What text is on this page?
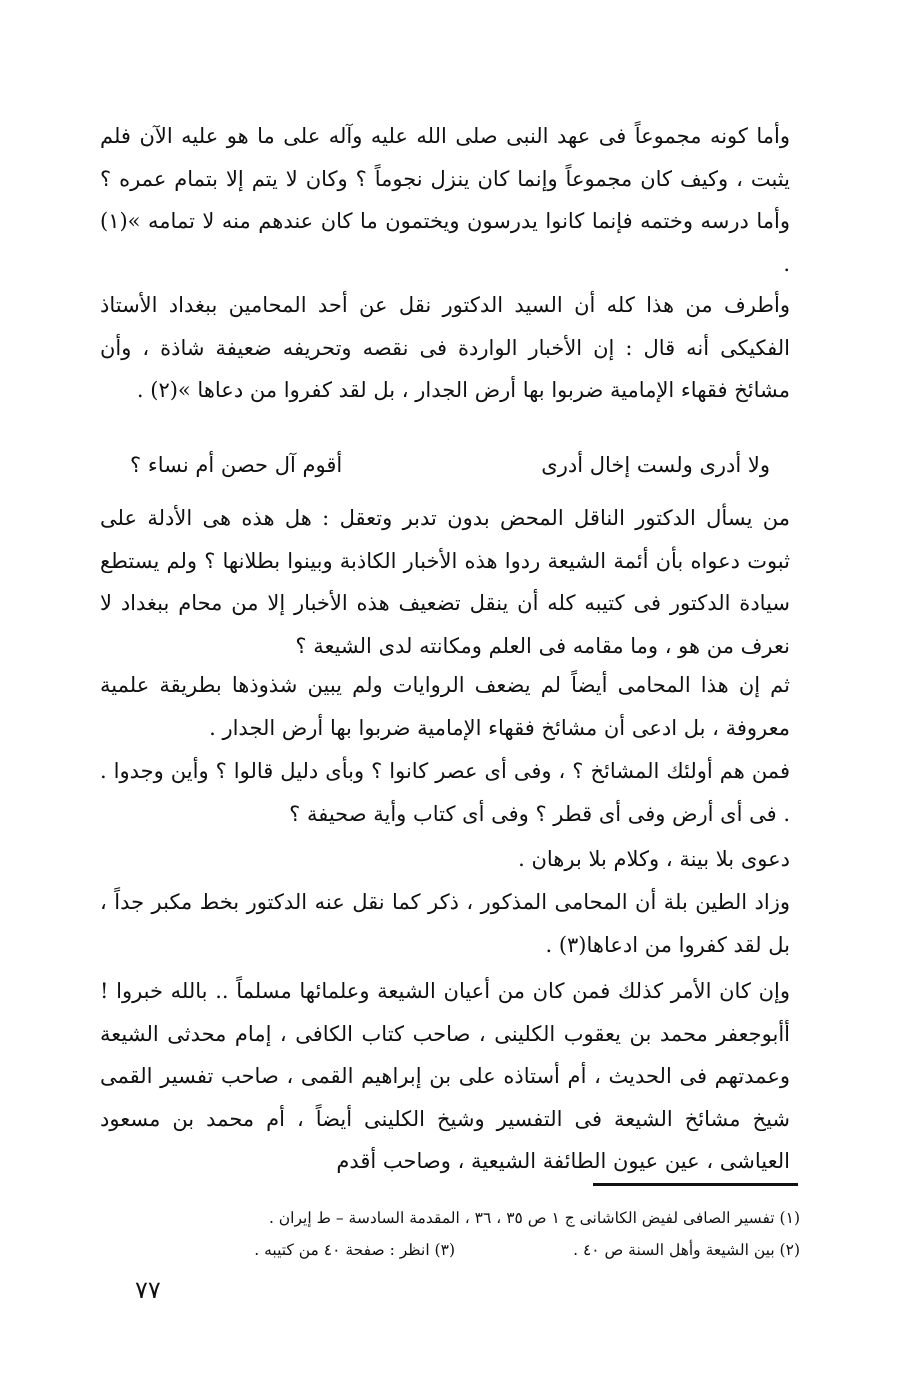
وأما كونه مجموعاً فى عهد النبى صلى الله عليه وآله على ما هو عليه الآن فلم يثبت ، وكيف كان مجموعاً وإنما كان ينزل نجوماً ؟ وكان لا يتم إلا بتمام عمره ؟ وأما درسه وختمه فإنما كانوا يدرسون ويختمون ما كان عندهم منه لا تمامه »(١) .

وأطرف من هذا كله أن السيد الدكتور نقل عن أحد المحامين ببغداد الأستاذ الفكيكى أنه قال : إن الأخبار الواردة فى نقصه وتحريفه ضعيفة شاذة ، وأن مشائخ فقهاء الإمامية ضربوا بها أرض الجدار ، بل لقد كفروا من دعاها »(٢) .

ولا أدرى ولست إخال أدرى
أقوم آل حصن أم نساء ؟

من يسأل الدكتور الناقل المحض بدون تدبر وتعقل : هل هذه هى الأدلة على ثبوت دعواه بأن أئمة الشيعة ردوا هذه الأخبار الكاذبة وبينوا بطلانها ؟ ولم يستطع سيادة الدكتور فى كتيبه كله أن ينقل تضعيف هذه الأخبار إلا من محام ببغداد لا نعرف من هو ، وما مقامه فى العلم ومكانته لدى الشيعة ؟

ثم إن هذا المحامى أيضاً لم يضعف الروايات ولم يبين شذوذها بطريقة علمية معروفة ، بل ادعى أن مشائخ فقهاء الإمامية ضربوا بها أرض الجدار .

فمن هم أولئك المشائخ ؟ ، وفى أى عصر كانوا ؟ وبأى دليل قالوا ؟ وأين وجدوا . . فى أى أرض وفى أى قطر ؟ وفى أى كتاب وأية صحيفة ؟

دعوى بلا بينة ، وكلام بلا برهان .

وزاد الطين بلة أن المحامى المذكور ، ذكر كما نقل عنه الدكتور بخط مكبر جداً ، بل لقد كفروا من ادعاها(٣) .

وإن كان الأمر كذلك فمن كان من أعيان الشيعة وعلمائها مسلماً .. بالله خبروا ! أأبوجعفر محمد بن يعقوب الكلينى ، صاحب كتاب الكافى ، إمام محدثى الشيعة وعمدتهم فى الحديث ، أم أستاذه على بن إبراهيم القمى ، صاحب تفسير القمى شيخ مشائخ الشيعة فى التفسير وشيخ الكلينى أيضاً ، أم محمد بن مسعود العياشى ، عين عيون الطائفة الشيعية ، وصاحب أقدم

(١) تفسير الصافى لفيض الكاشانى ج ١ ص ٣٥ ، ٣٦ ، المقدمة السادسة – ط إيران .
(٢) بين الشيعة وأهل السنة ص ٤٠ .
(٣) انظر : صفحة ٤٠ من كتيبه .
٧٧
